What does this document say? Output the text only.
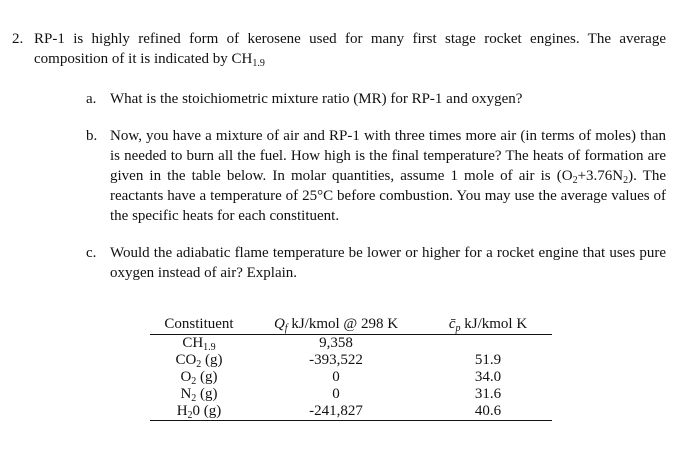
2. RP-1 is highly refined form of kerosene used for many first stage rocket engines. The average composition of it is indicated by $CH_{1.9}$

a. What is the stoichiometric mixture ratio (MR) for RP-1 and oxygen?

b. Now, you have a mixture of air and RP-1 with three times more air (in terms of moles) than is needed to burn all the fuel. How high is the final temperature? The heats of formation are given in the table below. In molar quantities, assume 1 mole of air is $(O_2+3.76N_2)$. The reactants have a temperature of 25°C before combustion. You may use the average values of the specific heats for each constituent.

c. Would the adiabatic flame temperature be lower or higher for a rocket engine that uses pure oxygen instead of air? Explain.

Constituent	$Q_f$ kJ/kmol @ 298 K	$c̄_p$ kJ/kmol K
$CH_{1.9}$	9,358	
$CO_2$ (g)	-393,522	51.9
$O_2$ (g)	0	34.0
$N_2$ (g)	0	31.6
$H_20$ (g)	-241,827	40.6
